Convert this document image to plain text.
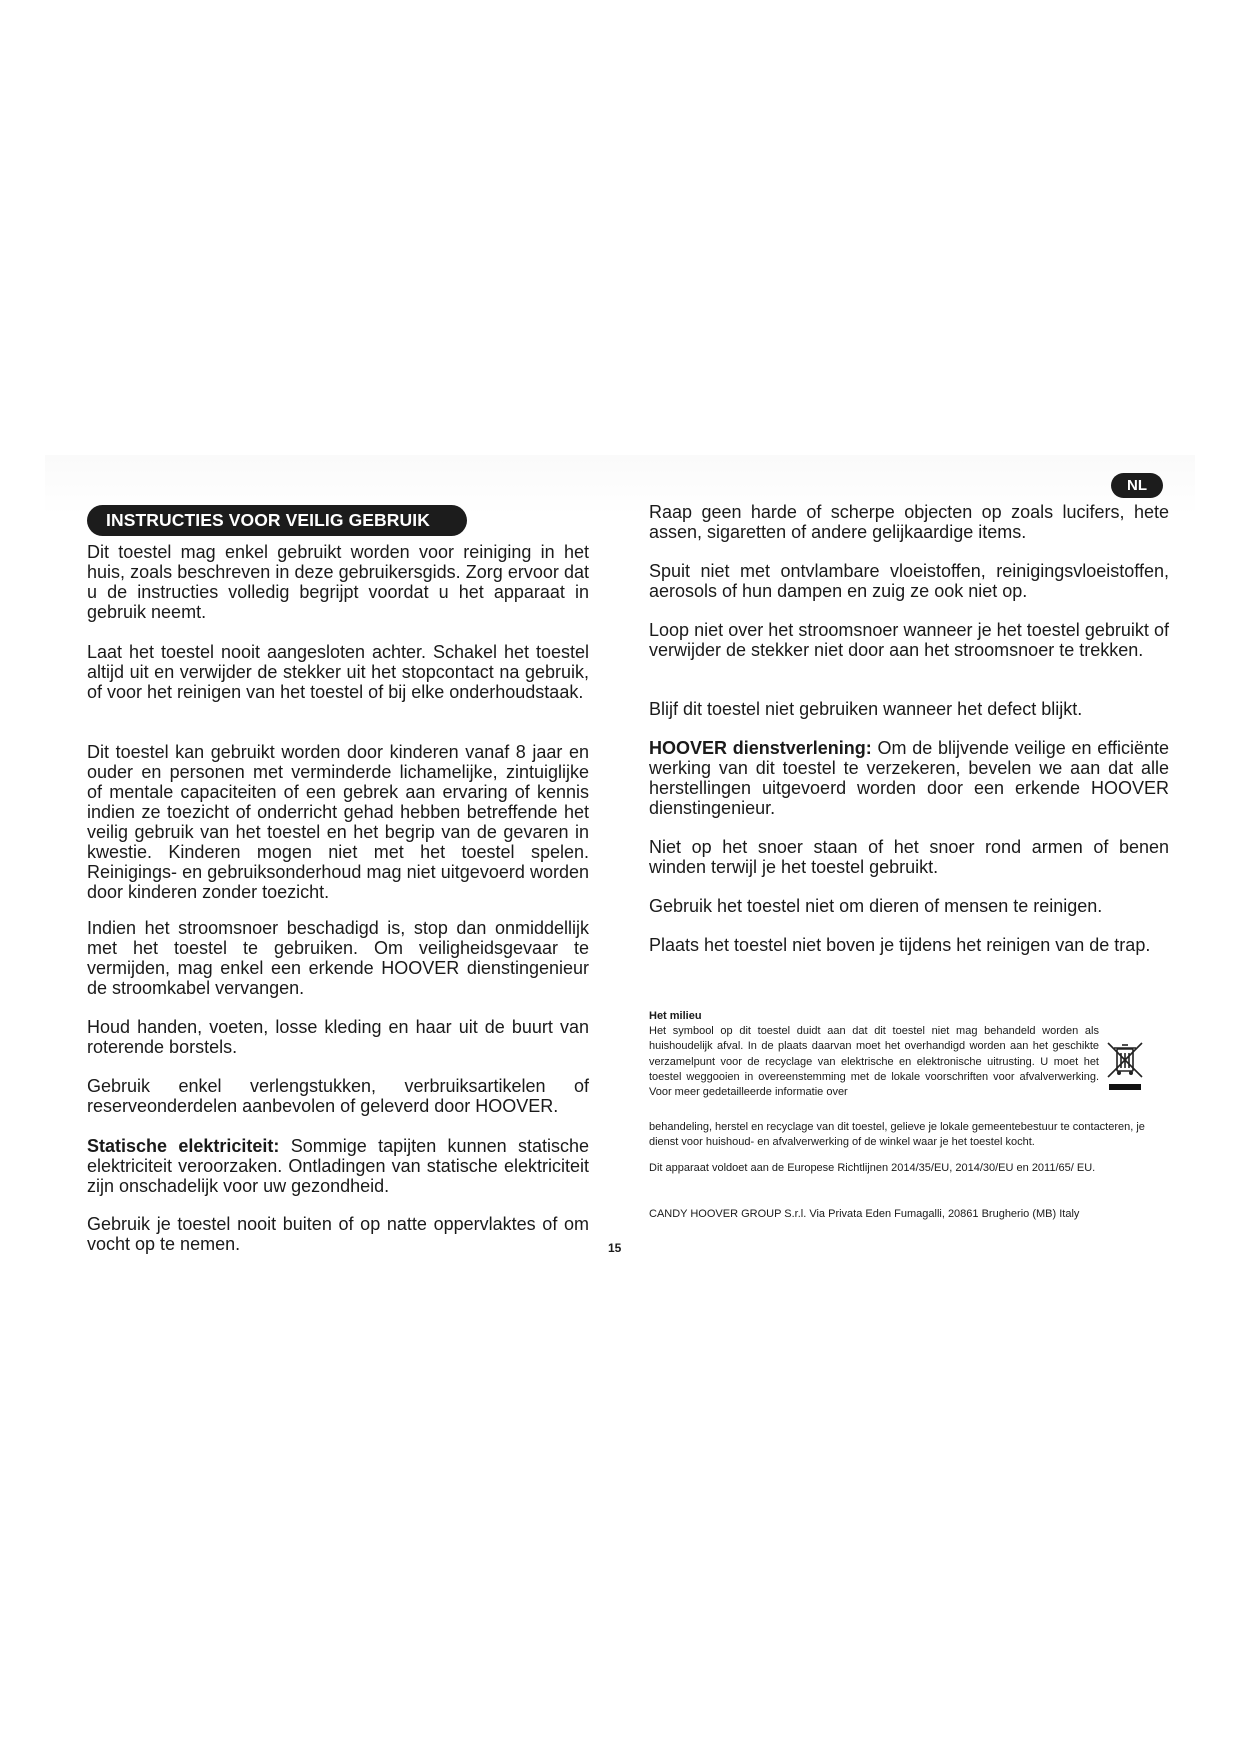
INSTRUCTIES VOOR VEILIG GEBRUIK
NL

Dit toestel mag enkel gebruikt worden voor reiniging in het huis, zoals beschreven in deze gebruikersgids. Zorg ervoor dat u de instructies volledig begrijpt voordat u het apparaat in gebruik neemt.

Laat het toestel nooit aangesloten achter. Schakel het toestel altijd uit en verwijder de stekker uit het stopcontact na gebruik, of voor het reinigen van het toestel of bij elke onderhoudstaak.

Dit toestel kan gebruikt worden door kinderen vanaf 8 jaar en ouder en personen met verminderde lichamelijke, zintuiglijke of mentale capaciteiten of een gebrek aan ervaring of kennis indien ze toezicht of onderricht gehad hebben betreffende het veilig gebruik van het toestel en het begrip van de gevaren in kwestie. Kinderen mogen niet met het toestel spelen. Reinigings- en gebruiksonderhoud mag niet uitgevoerd worden door kinderen zonder toezicht.

Indien het stroomsnoer beschadigd is, stop dan onmiddellijk met het toestel te gebruiken. Om veiligheidsgevaar te vermijden, mag enkel een erkende HOOVER dienstingenieur de stroomkabel vervangen.

Houd handen, voeten, losse kleding en haar uit de buurt van roterende borstels.

Gebruik enkel verlengstukken, verbruiksartikelen of reserveonderdelen aanbevolen of geleverd door HOOVER.

Statische elektriciteit: Sommige tapijten kunnen statische elektriciteit veroorzaken. Ontladingen van statische elektriciteit zijn onschadelijk voor uw gezondheid.

Gebruik je toestel nooit buiten of op natte oppervlaktes of om vocht op te nemen.

Raap geen harde of scherpe objecten op zoals lucifers, hete assen, sigaretten of andere gelijkaardige items.

Spuit niet met ontvlambare vloeistoffen, reinigingsvloeistoffen, aerosols of hun dampen en zuig ze ook niet op.

Loop niet over het stroomsnoer wanneer je het toestel gebruikt of verwijder de stekker niet door aan het stroomsnoer te trekken.

Blijf dit toestel niet gebruiken wanneer het defect blijkt.

HOOVER dienstverlening: Om de blijvende veilige en efficiënte werking van dit toestel te verzekeren, bevelen we aan dat alle herstellingen uitgevoerd worden door een erkende HOOVER dienstingenieur.

Niet op het snoer staan of het snoer rond armen of benen winden terwijl je het toestel gebruikt.

Gebruik het toestel niet om dieren of mensen te reinigen.

Plaats het toestel niet boven je tijdens het reinigen van de trap.

Het milieu

Het symbool op dit toestel duidt aan dat dit toestel niet mag behandeld worden als huishoudelijk afval. In de plaats daarvan moet het overhandigd worden aan het geschikte verzamelpunt voor de recyclage van elektrische en elektronische uitrusting. U moet het toestel weggooien in overeenstemming met de lokale voorschriften voor afvalverwerking. Voor meer gedetailleerde informatie over

behandeling, herstel en recyclage van dit toestel, gelieve je lokale gemeentebestuur te contacteren, je dienst voor huishoud- en afvalverwerking of de winkel waar je het toestel kocht.

Dit apparaat voldoet aan de Europese Richtlijnen 2014/35/EU, 2014/30/EU en 2011/65/ EU.

CANDY HOOVER GROUP S.r.l. Via Privata Eden Fumagalli, 20861 Brugherio (MB) Italy

15
